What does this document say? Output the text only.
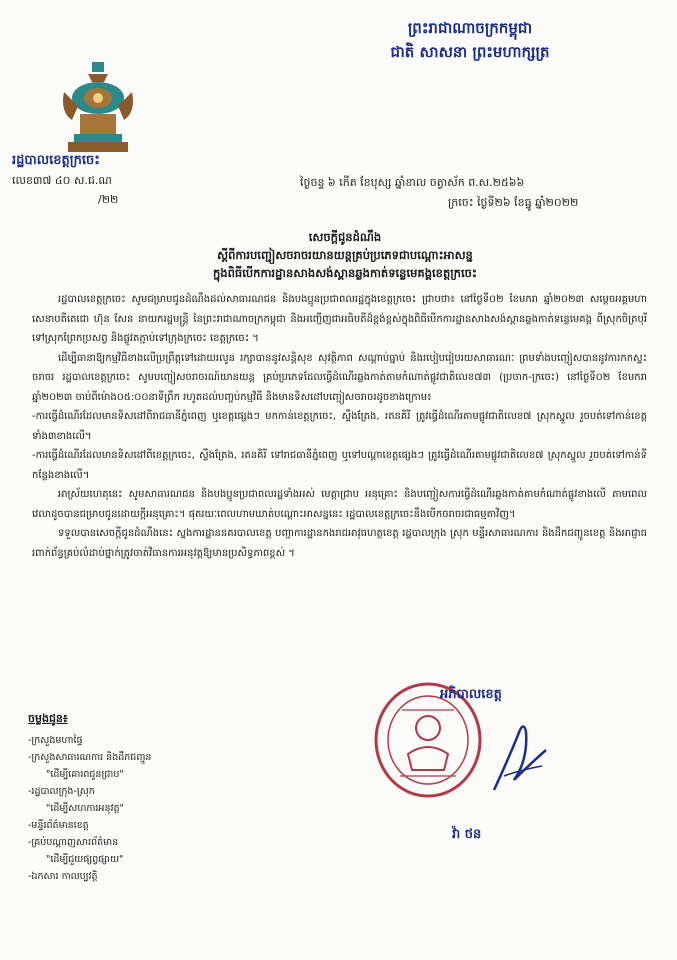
ព្រះរាជាណាចក្រកម្ពុជា
ជាតិ សាសនា ព្រះមហាក្សត្រ
រដ្ឋបាលខេត្តក្រចេះ
លេខ៣៧ ៤០ ស.ជ.ណ
/២២
ថ្ងៃចន្ទ ៦ កើត ខែបុស្ស ឆ្នាំខាល ចត្វាស័ក ព.ស.២៥៦៦
ក្រចេះ ថ្ងៃទី២៦ ខែធ្នូ ឆ្នាំ២០២២
សេចក្តីជូនដំណឹង
ស្តីពីការបញ្ជៀសចរាចរយានយន្តគ្រប់ប្រភេទជាបណ្តោះអាសន្ន
ក្នុងពិធីបើកការដ្ឋានសាងសង់ស្ពានឆ្លងកាត់ទន្លេមេគង្គខេត្តក្រចេះ

រដ្ឋបាលខេត្តក្រចេះ សូមជម្រាបជូនដំណឹងដល់សាធារណជន និងបងប្អូនប្រជាពលរដ្ឋក្នុងខេត្តក្រចេះ ជ្រាបថា៖ នៅថ្ងៃទី០២ ខែមករា ឆ្នាំ២០២៣ សម្តេចអគ្គមហាសេនាបតីតេជោ ហ៊ុន សែន នាយករដ្ឋមន្ត្រី នៃព្រះរាជាណាចក្រកម្ពុជា និងអញ្ជើញជាអធិបតីដ៏ខ្ពង់ខ្ពស់ក្នុងពិធីបើកការដ្ឋានសាងសង់ស្ពានឆ្លងកាត់ទន្លេមេគង្គ ពីស្រុកចិត្របុរី ទៅស្រុកព្រែកប្រសព្វ និងផ្លូវតភ្ជាប់ទៅក្រុងក្រចេះ ខេត្តក្រចេះ ។

ដើម្បីធានាឱ្យកម្មវិធីខាងលើប្រព្រឹត្តទៅដោយរលូន រក្សាបាននូវសន្តិសុខ សុវត្ថិភាព សណ្តាប់ធ្នាប់ និងរបៀបរៀបរយសាធារណៈ ព្រមទាំងបញ្ជៀសបាននូវការកកស្ទះចរាចរ រដ្ឋបាលខេត្តក្រចេះ សូមបញ្ជៀសចរាចរណ៍យានយន្ត គ្រប់ប្រភេទដែលធ្វើដំណើរឆ្លងកាត់តាមកំណាត់ផ្លូវជាតិលេខ៧៣ (ប្រចាក-ក្រចេះ) នៅថ្ងៃទី០២ ខែមករា ឆ្នាំ២០២៣ ចាប់ពីម៉ោង០៥:០០នាទីព្រឹក រហូតដល់បញ្ចប់កម្មវិធី និងមានទិសដៅបញ្ជៀសចរាចរដូចខាងក្រោម៖

-ការធ្វើដំណើរដែលមានទិសដៅពីរាជធានីភ្នំពេញ ឬខេត្តផ្សេងៗ មកកាន់ខេត្តក្រចេះ, ស្ទឹងត្រែង, រតនគិរី ត្រូវធ្វើដំណើរតាមផ្លូវជាតិលេខ៧ ស្រុកស្នួល រួចបត់ទៅកាន់ខេត្តទាំង៣ខាងលើ។

-ការធ្វើដំណើរដែលមានទិសដៅពីខេត្តក្រចេះ, ស្ទឹងត្រែង, រតនគិរី ទៅរាជធានីភ្នំពេញ ឬទៅបណ្តាខេត្តផ្សេងៗ ត្រូវធ្វើដំណើរតាមផ្លូវជាតិលេខ៧ ស្រុកស្នួល រួចបត់ទៅកាន់ទីកន្លែងខាងលើ។

អាស្រ័យហេតុនេះ សូមសាធារណជន និងបងប្អូនប្រជាពលរដ្ឋទាំងអស់ មេត្តាជ្រាប អនុគ្រោះ និងបញ្ជៀសការធ្វើដំណើរឆ្លងកាត់តាមកំណាត់ផ្លូវខាងលើ តាមពេលវេលាដូចបានជម្រាបជូនដោយក្តីអនុគ្រោះ។ ផុតរយៈពេលហាមឃាត់បណ្តោះអាសន្ននេះ រដ្ឋបាលខេត្តក្រចេះនឹងបើកចរាចរជាធម្មតាវិញ។

ទទួលបានសេចក្តីជូនដំណឹងនេះ ស្នងការដ្ឋាននគរបាលខេត្ត បញ្ជាការដ្ឋានកងរាជអាវុធហត្ថខេត្ត រដ្ឋបាលក្រុង ស្រុក មន្ទីរសាធារណការ និងដឹកជញ្ជូនខេត្ត និងអាជ្ញាធរពាក់ព័ន្ធគ្រប់លំដាប់ថ្នាក់ត្រូវចាត់វិធានការអនុវត្តឱ្យមានប្រសិទ្ធភាពខ្ពស់ ។

ចម្លងជូន៖
-ក្រសួងមហាផ្ទៃ
-ក្រសួងសាធារណការ និងដឹកជញ្ជូន
"ដើម្បីគោរពជូនជ្រាប"
-រដ្ឋបាលក្រុង-ស្រុក
"ដើម្បីសហការអនុវត្ត"
-មន្ទីរព័ត៌មានខេត្ត
-គ្រប់បណ្តាញសារព័ត៌មាន
"ដើម្បីជួយផ្សព្វផ្សាយ"
-ឯកសារ កាលប្បវត្តិ
អភិបាលខេត្ត
វ៉ា ថន
